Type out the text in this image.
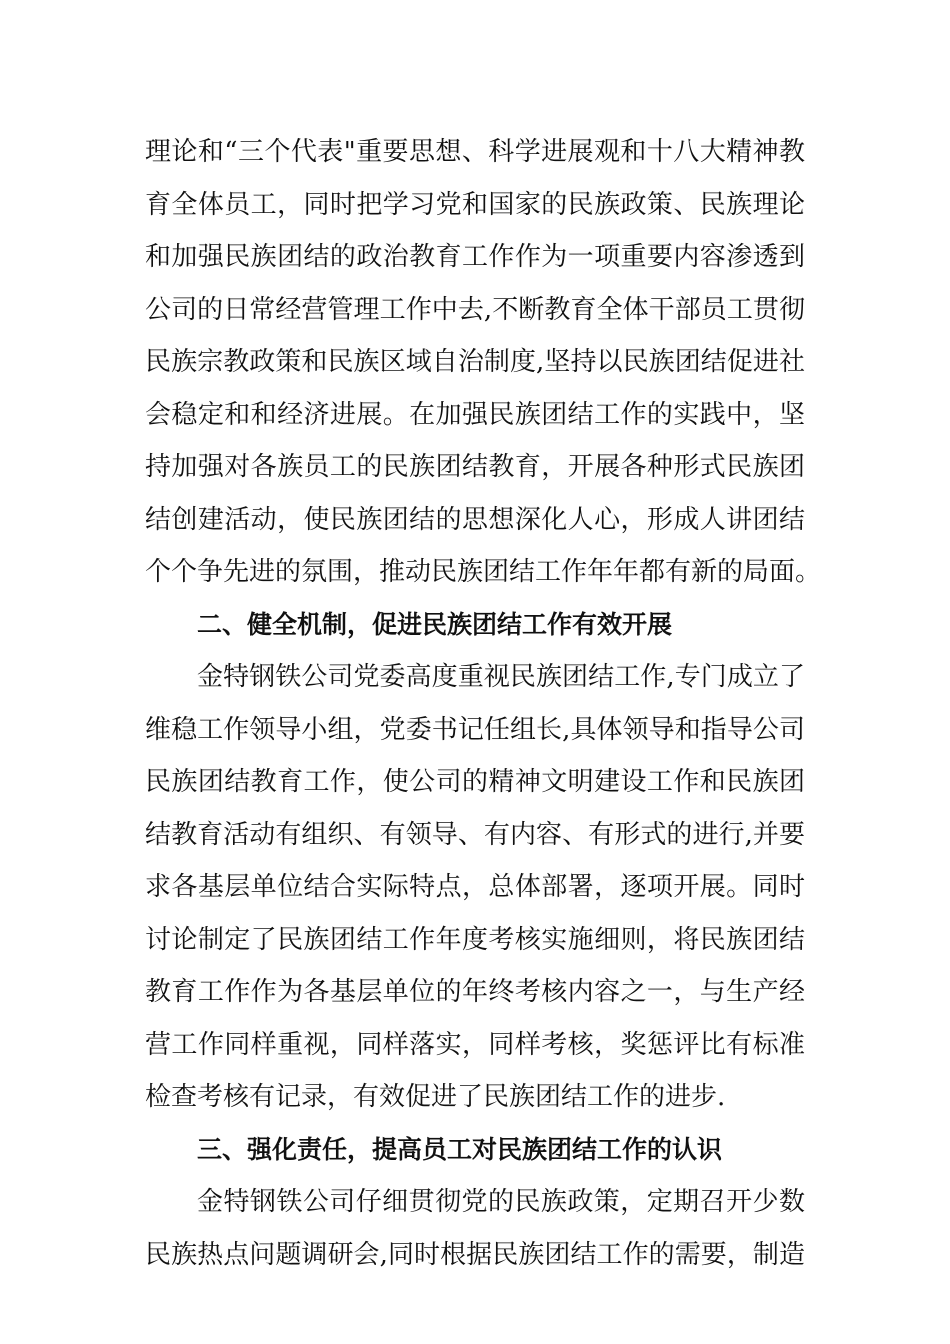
理论和“三个代表"重要思想、科学进展观和十八大精神教
育全体员工，同时把学习党和国家的民族政策、民族理论
和加强民族团结的政治教育工作作为一项重要内容渗透到
公司的日常经营管理工作中去,不断教育全体干部员工贯彻
民族宗教政策和民族区域自治制度,坚持以民族团结促进社
会稳定和和经济进展。在加强民族团结工作的实践中，坚
持加强对各族员工的民族团结教育，开展各种形式民族团
结创建活动，使民族团结的思想深化人心，形成人讲团结
个个争先进的氛围，推动民族团结工作年年都有新的局面。
二、健全机制，促进民族团结工作有效开展
金特钢铁公司党委高度重视民族团结工作,专门成立了
维稳工作领导小组，党委书记任组长,具体领导和指导公司
民族团结教育工作，使公司的精神文明建设工作和民族团
结教育活动有组织、有领导、有内容、有形式的进行,并要
求各基层单位结合实际特点，总体部署，逐项开展。同时
讨论制定了民族团结工作年度考核实施细则，将民族团结
教育工作作为各基层单位的年终考核内容之一，与生产经
营工作同样重视，同样落实，同样考核，奖惩评比有标准
检查考核有记录，有效促进了民族团结工作的进步.
三、强化责任，提高员工对民族团结工作的认识
金特钢铁公司仔细贯彻党的民族政策，定期召开少数
民族热点问题调研会,同时根据民族团结工作的需要，制造
